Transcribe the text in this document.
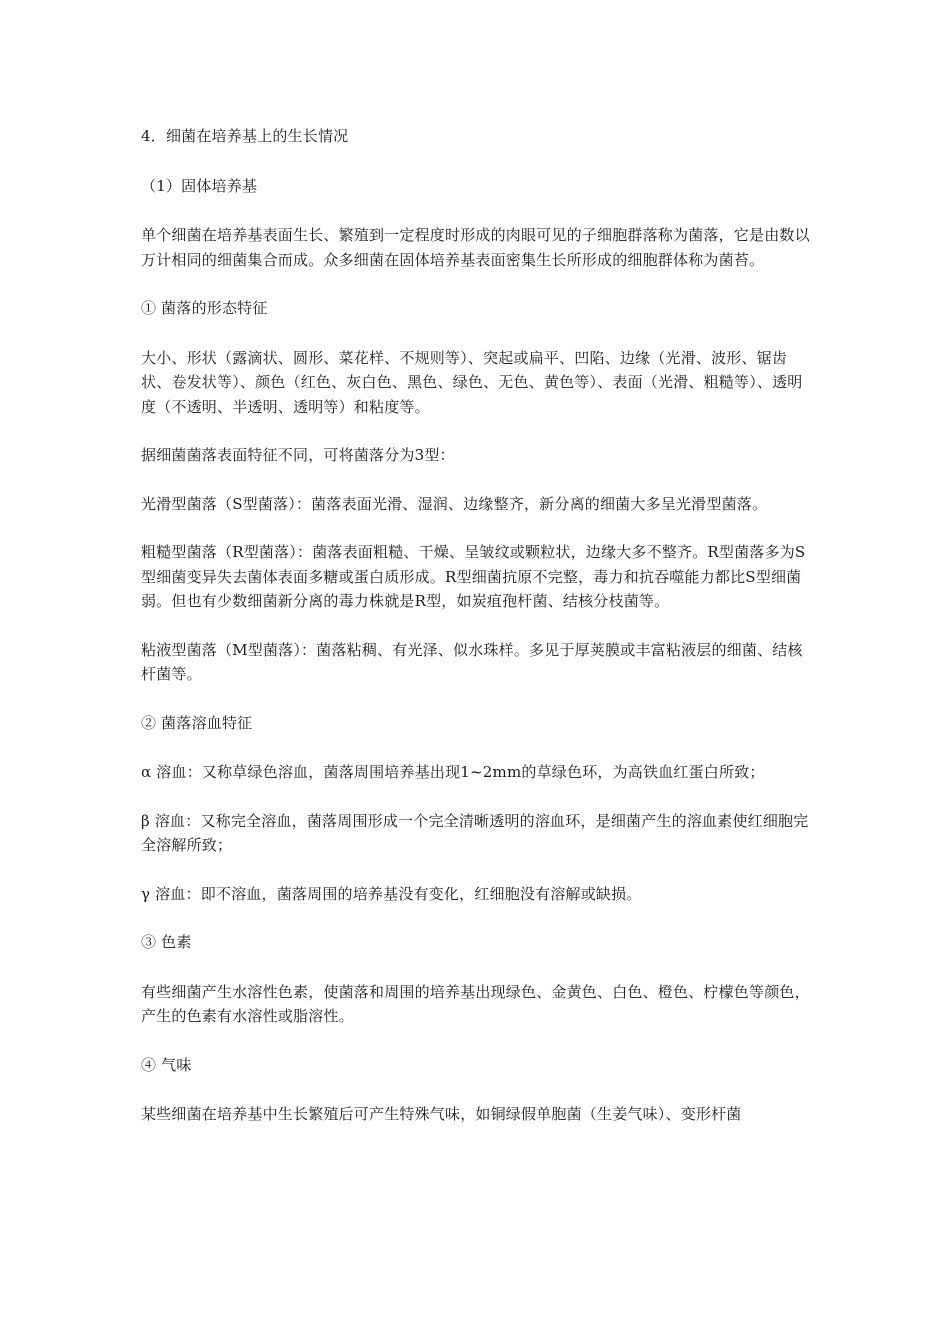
4．细菌在培养基上的生长情况

（1）固体培养基

单个细菌在培养基表面生长、繁殖到一定程度时形成的肉眼可见的子细胞群落称为菌落，它是由数以万计相同的细菌集合而成。众多细菌在固体培养基表面密集生长所形成的细胞群体称为菌苔。

① 菌落的形态特征

大小、形状（露滴状、圆形、菜花样、不规则等）、突起或扁平、凹陷、边缘（光滑、波形、锯齿状、卷发状等）、颜色（红色、灰白色、黑色、绿色、无色、黄色等）、表面（光滑、粗糙等）、透明度（不透明、半透明、透明等）和粘度等。

据细菌菌落表面特征不同，可将菌落分为3型：

光滑型菌落（S型菌落）：菌落表面光滑、湿润、边缘整齐，新分离的细菌大多呈光滑型菌落。

粗糙型菌落（R型菌落）：菌落表面粗糙、干燥、呈皱纹或颗粒状，边缘大多不整齐。R型菌落多为S型细菌变异失去菌体表面多糖或蛋白质形成。R型细菌抗原不完整，毒力和抗吞噬能力都比S型细菌弱。但也有少数细菌新分离的毒力株就是R型，如炭疽孢杆菌、结核分枝菌等。

粘液型菌落（M型菌落）：菌落粘稠、有光泽、似水珠样。多见于厚荚膜或丰富粘液层的细菌、结核杆菌等。

② 菌落溶血特征

α 溶血：又称草绿色溶血，菌落周围培养基出现1~2mm的草绿色环，为高铁血红蛋白所致；

β 溶血：又称完全溶血，菌落周围形成一个完全清晰透明的溶血环，是细菌产生的溶血素使红细胞完全溶解所致；

γ 溶血：即不溶血，菌落周围的培养基没有变化，红细胞没有溶解或缺损。

③ 色素

有些细菌产生水溶性色素，使菌落和周围的培养基出现绿色、金黄色、白色、橙色、柠檬色等颜色，产生的色素有水溶性或脂溶性。

④ 气味

某些细菌在培养基中生长繁殖后可产生特殊气味，如铜绿假单胞菌（生姜气味）、变形杆菌
